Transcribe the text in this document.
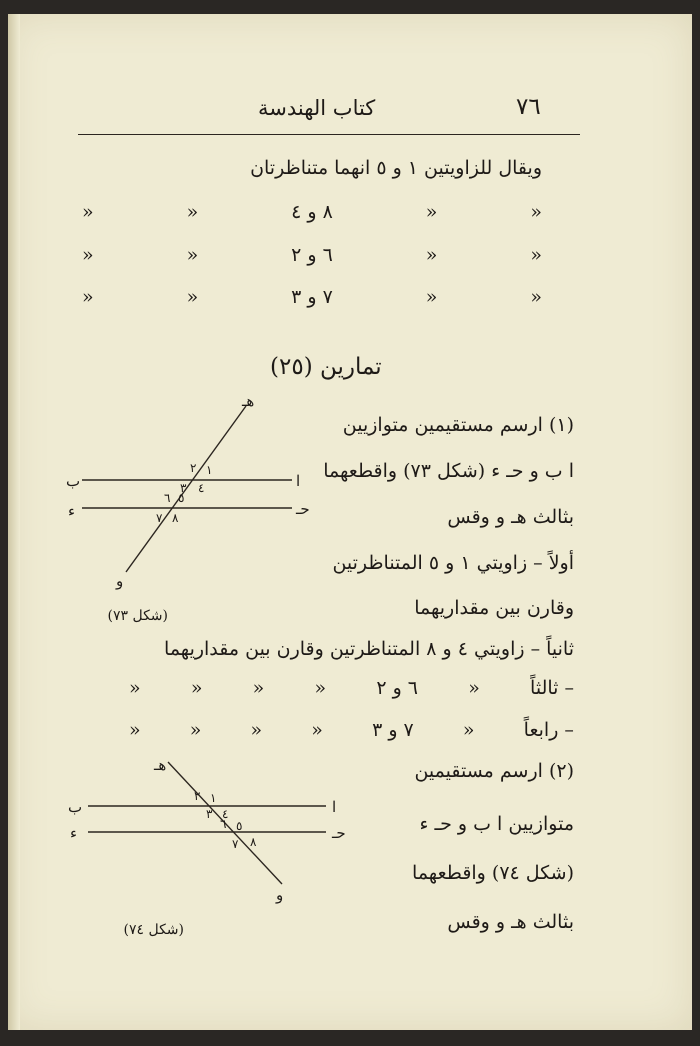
كتاب الهندسة	٧٦
ويقال للزاويتين ١ و ٥ انهما متناظرتان
»
»
٨ و ٤
»
»
»
»
٦ و ٢
»
»
»
»
٧ و ٣
»
»
تمارين (٢٥)
(١) ارسم مستقيمين متوازيين
ا ب و حـ ء (شكل ٧٣) واقطعهما
بثالث هـ و وقس
أولاً – زاويتي ١ و ٥ المتناظرتين
وقارن بين مقداريهما
ثانياً – زاويتي ٤ و ٨ المتناظرتين وقارن بين مقداريهما
ثالثاً –
»
٦ و ٢
»
»
»
»
رابعاً –
»
٧ و ٣
»
»
»
»
(٢) ارسم مستقيمين
متوازيين ا ب و حـ ء
(شكل ٧٤) واقطعهما
بثالث هـ و وقس
هـ
ا
ب
حـ
ء
و
١
٢
٣ ٤
٥
٦
٧ ٨
(شكل ٧٣)
هـ
ا
ب
حـ
ء
و
١
٢
٣ ٤
٥
٦
٧ ٨
(شكل ٧٤)
